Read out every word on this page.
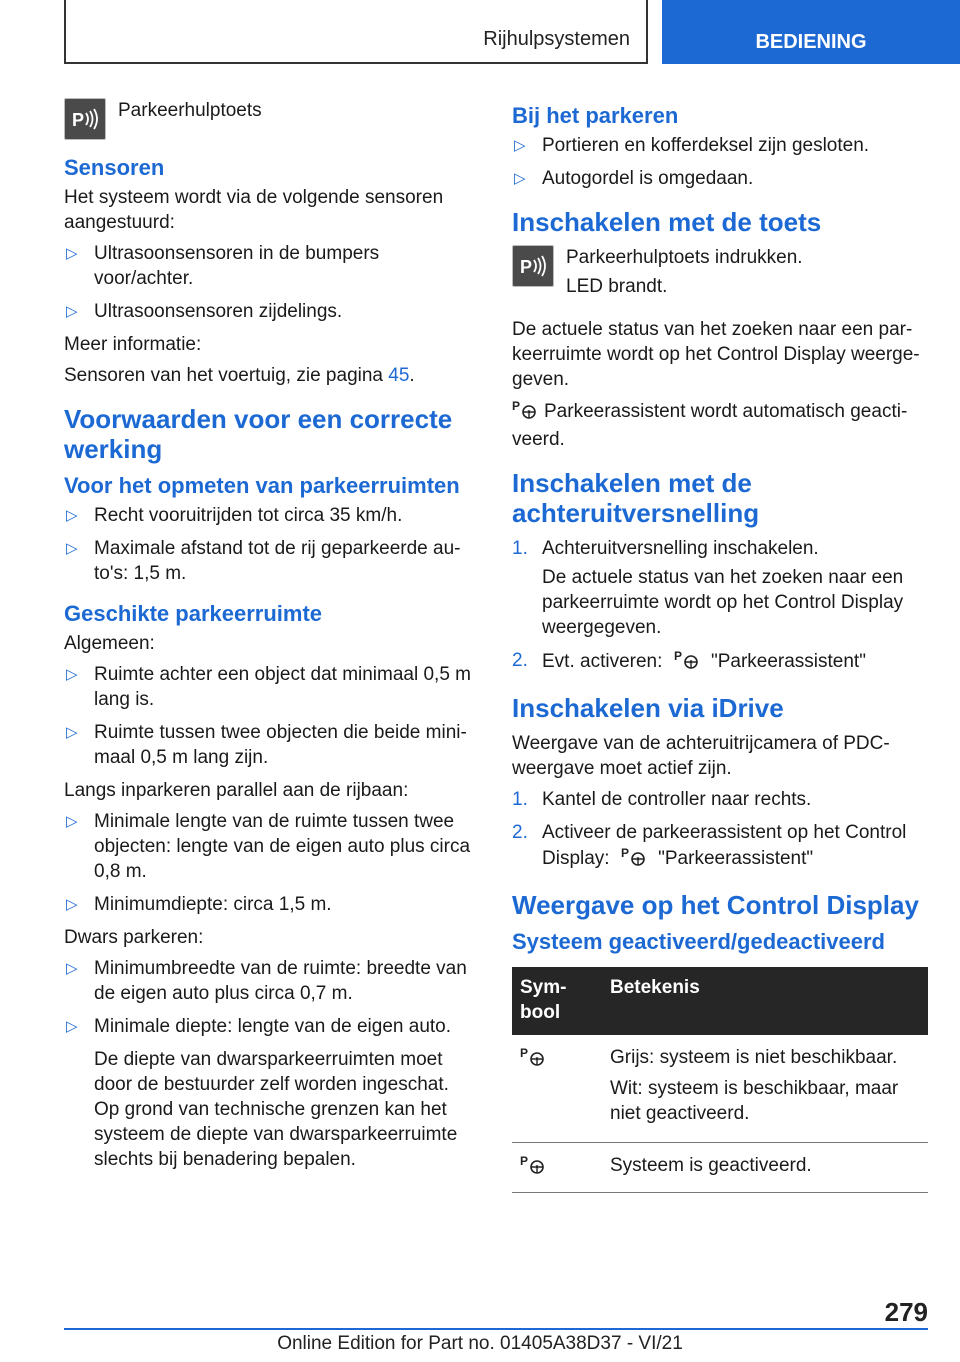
Rijhulpsystemen	BEDIENING
P Parkeerhulptoets

Sensoren

Het systeem wordt via de volgende sensoren aangestuurd:

▷ Ultrasoonsensoren in de bumpers voor/achter.
▷ Ultrasoonsensoren zijdelings.

Meer informatie:

Sensoren van het voertuig, zie pagina 45.

Voorwaarden voor een correcte werking
Voor het opmeten van parkeerruimten
▷ Recht vooruitrijden tot circa 35 km/h.
▷ Maximale afstand tot de rij geparkeerde au-to's: 1,5 m.
Geschikte parkeerruimte

Algemeen:

▷ Ruimte achter een object dat minimaal 0,5 m lang is.
▷ Ruimte tussen twee objecten die beide mini-maal 0,5 m lang zijn.

Langs inparkeren parallel aan de rijbaan:

▷ Minimale lengte van de ruimte tussen twee objecten: lengte van de eigen auto plus circa 0,8 m.
▷ Minimumdiepte: circa 1,5 m.

Dwars parkeren:

▷ Minimumbreedte van de ruimte: breedte van de eigen auto plus circa 0,7 m.
▷ Minimale diepte: lengte van de eigen auto.
De diepte van dwarsparkeerruimten moet door de bestuurder zelf worden ingeschat. Op grond van technische grenzen kan het systeem de diepte van dwarsparkeerruimte slechts bij benadering bepalen.
Bij het parkeren
▷ Portieren en kofferdeksel zijn gesloten.
▷ Autogordel is omgedaan.
Inschakelen met de toets
P Parkeerhulptoets indrukken.

LED brandt.

De actuele status van het zoeken naar een par-keerruimte wordt op het Control Display weerge-geven.

P Parkeerassistent wordt automatisch geacti-veerd.

Inschakelen met de achteruitversnelling
1. Achteruitversnelling inschakelen.
De actuele status van het zoeken naar een parkeerruimte wordt op het Control Display weergegeven.
2. Evt. activeren: P "Parkeerassistent"
Inschakelen via iDrive

Weergave van de achteruitrijcamera of PDC-weergave moet actief zijn.

1. Kantel de controller naar rechts.
2. Activeer de parkeerassistent op het Control Display: P "Parkeerassistent"
Weergave op het Control Display
Systeem geactiveerd/gedeactiveerd
Sym-bool	Betekenis

P	Grijs: systeem is niet beschikbaar.

Wit: systeem is beschikbaar, maar niet geactiveerd.

P	Systeem is geactiveerd.

279
Online Edition for Part no. 01405A38D37 - VI/21
